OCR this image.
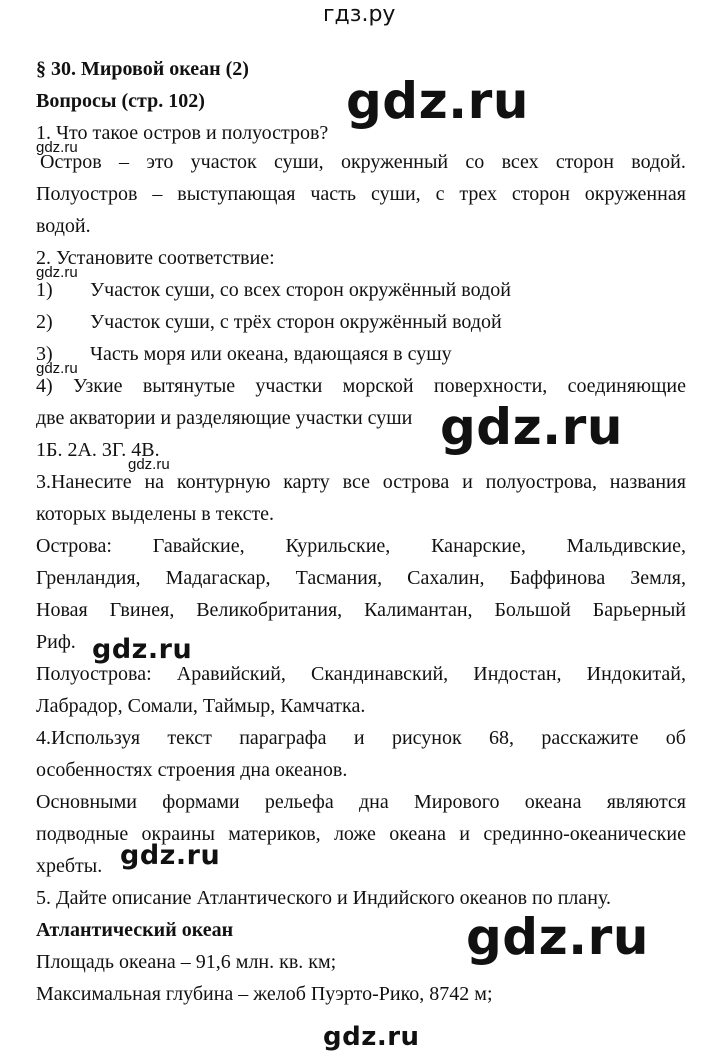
гдз.ру
gdz.ru
§ 30. Мировой океан (2)
Вопросы (стр. 102)
1. Что такое остров и полуостров?
Остров – это участок суши, окруженный со всех сторон водой.
Полуостров – выступающая часть суши, с трех сторон окруженная
водой.
2. Установите соответствие:
1) Участок суши, со всех сторон окружённый водой
2) Участок суши, с трёх сторон окружённый водой
3) Часть моря или океана, вдающаяся в сушу
4) Узкие вытянутые участки морской поверхности, соединяющие
две акватории и разделяющие участки суши
1Б. 2А. 3Г. 4В.
3.Нанесите на контурную карту все острова и полуострова, названия
которых выделены в тексте.
Острова: Гавайские, Курильские, Канарские, Мальдивские,
Гренландия, Мадагаскар, Тасмания, Сахалин, Баффинова Земля,
Новая Гвинея, Великобритания, Калимантан, Большой Барьерный
Риф.
Полуострова: Аравийский, Скандинавский, Индостан, Индокитай,
Лабрадор, Сомали, Таймыр, Камчатка.
4.Используя текст параграфа и рисунок 68, расскажите об
особенностях строения дна океанов.
Основными формами рельефа дна Мирового океана являются
подводные окраины материков, ложе океана и срединно-океанические
хребты.
5. Дайте описание Атлантического и Индийского океанов по плану.
Атлантический океан
Площадь океана – 91,6 млн. кв. км;
Максимальная глубина – желоб Пуэрто-Рико, 8742 м;
gdz.ru
gdz.ru
gdz.ru
gdz.ru
gdz.ru
gdz.ru
gdz.ru
gdz.ru
gdz.ru
